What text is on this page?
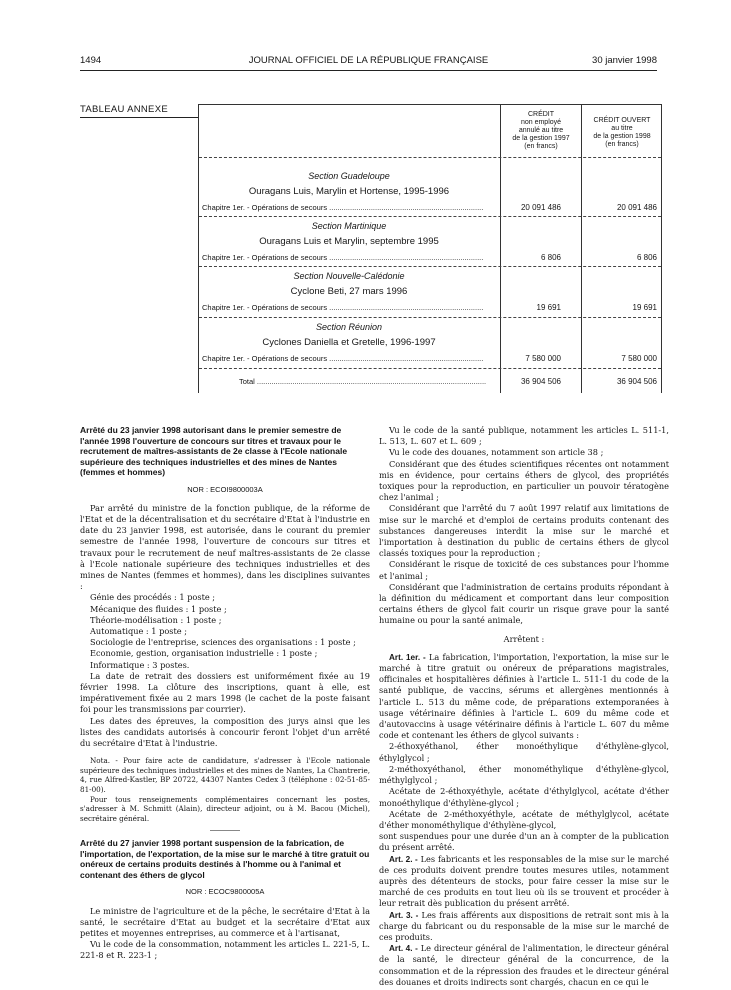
1494	JOURNAL OFFICIEL DE LA RÉPUBLIQUE FRANÇAISE	30 janvier 1998
TABLEAU ANNEXE	CRÉDIT
non employé
annulé au titre
de la gestion 1997
(en francs)
CRÉDIT OUVERT
au titre
de la gestion 1998
(en francs)
Section Guadeloupe
Ouragans Luis, Marylin et Hortense, 1995-1996
Chapitre 1er. - Opérations de secours ..........................................................................	20 091 486	20 091 486
Section Martinique
Ouragans Luis et Marylin, septembre 1995
Chapitre 1er. - Opérations de secours ..........................................................................	6 806	6 806
Section Nouvelle-Calédonie
Cyclone Beti, 27 mars 1996
Chapitre 1er. - Opérations de secours ..........................................................................	19 691	19 691
Section Réunion
Cyclones Daniella et Gretelle, 1996-1997
Chapitre 1er. - Opérations de secours ..........................................................................	7 580 000	7 580 000
Total ..............................................................................................................	36 904 506	36 904 506

Arrêté du 23 janvier 1998 autorisant dans le premier semestre de l'année 1998 l'ouverture de concours sur titres et travaux pour le recrutement de maîtres-assistants de 2e classe à l'Ecole nationale supérieure des techniques industrielles et des mines de Nantes (femmes et hommes)

NOR : ECOI9800003A

Par arrêté du ministre de la fonction publique, de la réforme de l'Etat et de la décentralisation et du secrétaire d'Etat à l'industrie en date du 23 janvier 1998, est autorisée, dans le courant du premier semestre de l'année 1998, l'ouverture de concours sur titres et travaux pour le recrutement de neuf maîtres-assistants de 2e classe à l'Ecole nationale supérieure des techniques industrielles et des mines de Nantes (femmes et hommes), dans les disciplines suivantes :

Génie des procédés : 1 poste ;

Mécanique des fluides : 1 poste ;

Théorie-modélisation : 1 poste ;

Automatique : 1 poste ;

Sociologie de l'entreprise, sciences des organisations : 1 poste ;

Economie, gestion, organisation industrielle : 1 poste ;

Informatique : 3 postes.

La date de retrait des dossiers est uniformément fixée au 19 février 1998. La clôture des inscriptions, quant à elle, est impérativement fixée au 2 mars 1998 (le cachet de la poste faisant foi pour les transmissions par courrier).

Les dates des épreuves, la composition des jurys ainsi que les listes des candidats autorisés à concourir feront l'objet d'un arrêté du secrétaire d'Etat à l'industrie.

Nota. - Pour faire acte de candidature, s'adresser à l'Ecole nationale supérieure des techniques industrielles et des mines de Nantes, La Chantrerie, 4, rue Alfred-Kastler, BP 20722, 44307 Nantes Cedex 3 (téléphone : 02-51-85-81-00).

Pour tous renseignements complémentaires concernant les postes, s'adresser à M. Schmitt (Alain), directeur adjoint, ou à M. Bacou (Michel), secrétaire général.

Arrêté du 27 janvier 1998 portant suspension de la fabrication, de l'importation, de l'exportation, de la mise sur le marché à titre gratuit ou onéreux de certains produits destinés à l'homme ou à l'animal et contenant des éthers de glycol

NOR : ECOC9800005A

Le ministre de l'agriculture et de la pêche, le secrétaire d'Etat à la santé, le secrétaire d'Etat au budget et la secrétaire d'Etat aux petites et moyennes entreprises, au commerce et à l'artisanat,

Vu le code de la consommation, notamment les articles L. 221-5, L. 221-8 et R. 223-1 ;

Vu le code de la santé publique, notamment les articles L. 511-1, L. 513, L. 607 et L. 609 ;

Vu le code des douanes, notamment son article 38 ;

Considérant que des études scientifiques récentes ont notamment mis en évidence, pour certains éthers de glycol, des propriétés toxiques pour la reproduction, en particulier un pouvoir tératogène chez l'animal ;

Considérant que l'arrêté du 7 août 1997 relatif aux limitations de mise sur le marché et d'emploi de certains produits contenant des substances dangereuses interdit la mise sur le marché et l'importation à destination du public de certains éthers de glycol classés toxiques pour la reproduction ;

Considérant le risque de toxicité de ces substances pour l'homme et l'animal ;

Considérant que l'administration de certains produits répondant à la définition du médicament et comportant dans leur composition certains éthers de glycol fait courir un risque grave pour la santé humaine ou pour la santé animale,

Arrêtent :

Art. 1er. - La fabrication, l'importation, l'exportation, la mise sur le marché à titre gratuit ou onéreux de préparations magistrales, officinales et hospitalières définies à l'article L. 511-1 du code de la santé publique, de vaccins, sérums et allergènes mentionnés à l'article L. 513 du même code, de préparations extemporanées à usage vétérinaire définies à l'article L. 609 du même code et d'autovaccins à usage vétérinaire définis à l'article L. 607 du même code et contenant les éthers de glycol suivants :

2-éthoxyéthanol, éther monoéthylique d'éthylène-glycol, éthylglycol ;

2-méthoxyéthanol, éther monométhylique d'éthylène-glycol, méthylglycol ;

Acétate de 2-éthoxyéthyle, acétate d'éthylglycol, acétate d'éther monoéthylique d'éthylène-glycol ;

Acétate de 2-méthoxyéthyle, acétate de méthylglycol, acétate d'éther monométhylique d'éthylène-glycol,

sont suspendues pour une durée d'un an à compter de la publication du présent arrêté.

Art. 2. - Les fabricants et les responsables de la mise sur le marché de ces produits doivent prendre toutes mesures utiles, notamment auprès des détenteurs de stocks, pour faire cesser la mise sur le marché de ces produits en tout lieu où ils se trouvent et procéder à leur retrait dès publication du présent arrêté.

Art. 3. - Les frais afférents aux dispositions de retrait sont mis à la charge du fabricant ou du responsable de la mise sur le marché de ces produits.

Art. 4. - Le directeur général de l'alimentation, le directeur général de la santé, le directeur général de la concurrence, de la consommation et de la répression des fraudes et le directeur général des douanes et droits indirects sont chargés, chacun en ce qui le
